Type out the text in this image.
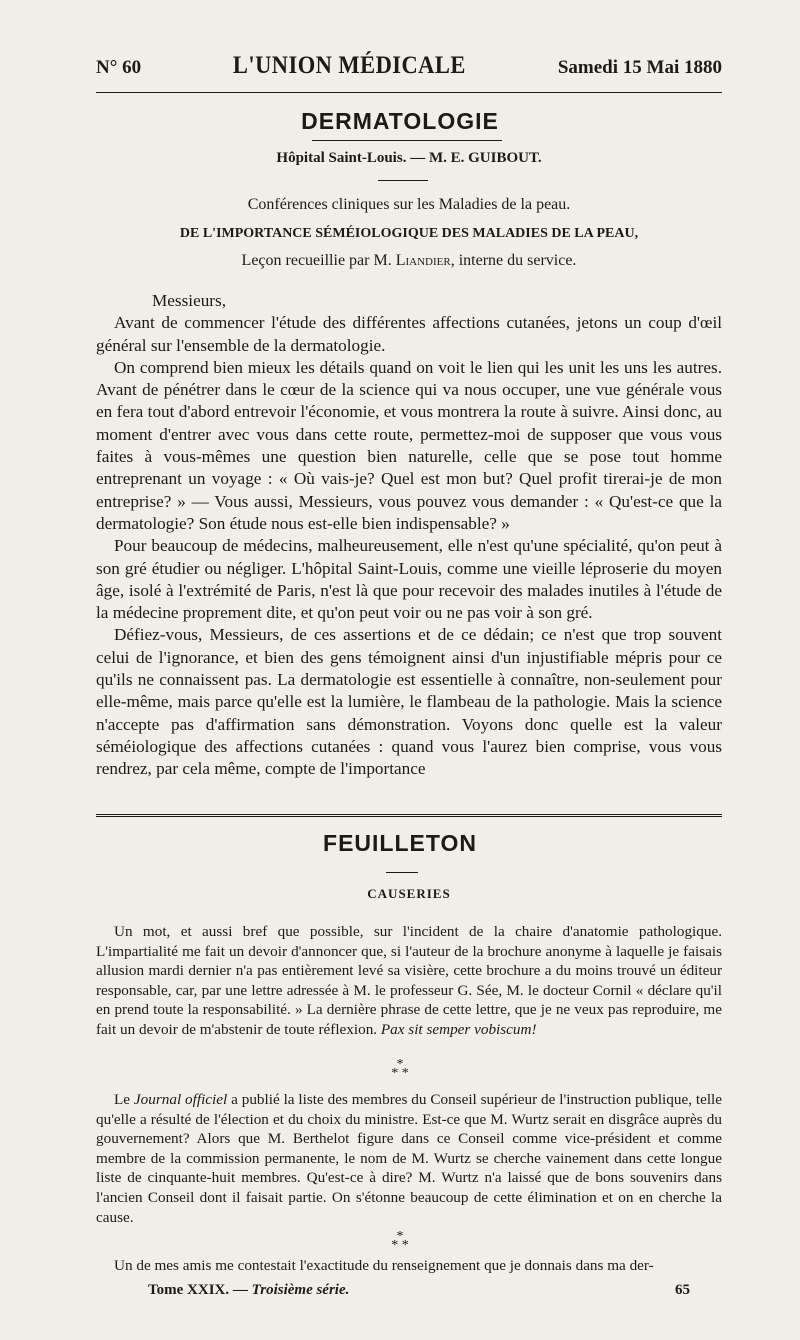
N° 60	L'UNION MÉDICALE	Samedi 15 Mai 1880
DERMATOLOGIE
Hôpital Saint-Louis. — M. E. GUIBOUT.
Conférences cliniques sur les Maladies de la peau.
DE L'IMPORTANCE SÉMÉIOLOGIQUE DES MALADIES DE LA PEAU,
Leçon recueillie par M. Liandier, interne du service.

Messieurs,

Avant de commencer l'étude des différentes affections cutanées, jetons un coup d'œil général sur l'ensemble de la dermatologie.

On comprend bien mieux les détails quand on voit le lien qui les unit les uns les autres. Avant de pénétrer dans le cœur de la science qui va nous occuper, une vue générale vous en fera tout d'abord entrevoir l'économie, et vous montrera la route à suivre. Ainsi donc, au moment d'entrer avec vous dans cette route, permettez-moi de supposer que vous vous faites à vous-mêmes une question bien naturelle, celle que se pose tout homme entreprenant un voyage : « Où vais-je? Quel est mon but? Quel profit tirerai-je de mon entreprise? » — Vous aussi, Messieurs, vous pouvez vous demander : « Qu'est-ce que la dermatologie? Son étude nous est-elle bien indispensable? »

Pour beaucoup de médecins, malheureusement, elle n'est qu'une spécialité, qu'on peut à son gré étudier ou négliger. L'hôpital Saint-Louis, comme une vieille léproserie du moyen âge, isolé à l'extrémité de Paris, n'est là que pour recevoir des malades inutiles à l'étude de la médecine proprement dite, et qu'on peut voir ou ne pas voir à son gré.

Défiez-vous, Messieurs, de ces assertions et de ce dédain; ce n'est que trop souvent celui de l'ignorance, et bien des gens témoignent ainsi d'un injustifiable mépris pour ce qu'ils ne connaissent pas. La dermatologie est essentielle à connaître, non-seulement pour elle-même, mais parce qu'elle est la lumière, le flambeau de la pathologie. Mais la science n'accepte pas d'affirmation sans démonstration. Voyons donc quelle est la valeur séméiologique des affections cutanées : quand vous l'aurez bien comprise, vous vous rendrez, par cela même, compte de l'importance

FEUILLETON
CAUSERIES

Un mot, et aussi bref que possible, sur l'incident de la chaire d'anatomie pathologique. L'impartialité me fait un devoir d'annoncer que, si l'auteur de la brochure anonyme à laquelle je faisais allusion mardi dernier n'a pas entièrement levé sa visière, cette brochure a du moins trouvé un éditeur responsable, car, par une lettre adressée à M. le professeur G. Sée, M. le docteur Cornil « déclare qu'il en prend toute la responsabilité. » La dernière phrase de cette lettre, que je ne veux pas reproduire, me fait un devoir de m'abstenir de toute réflexion. Pax sit semper vobiscum!

*
* *

Le Journal officiel a publié la liste des membres du Conseil supérieur de l'instruction publique, telle qu'elle a résulté de l'élection et du choix du ministre. Est-ce que M. Wurtz serait en disgrâce auprès du gouvernement? Alors que M. Berthelot figure dans ce Conseil comme vice-président et comme membre de la commission permanente, le nom de M. Wurtz se cherche vainement dans cette longue liste de cinquante-huit membres. Qu'est-ce à dire? M. Wurtz n'a laissé que de bons souvenirs dans l'ancien Conseil dont il faisait partie. On s'étonne beaucoup de cette élimination et on en cherche la cause.

*
* *

Un de mes amis me contestait l'exactitude du renseignement que je donnais dans ma der-

Tome XXIX. — Troisième série.	65
